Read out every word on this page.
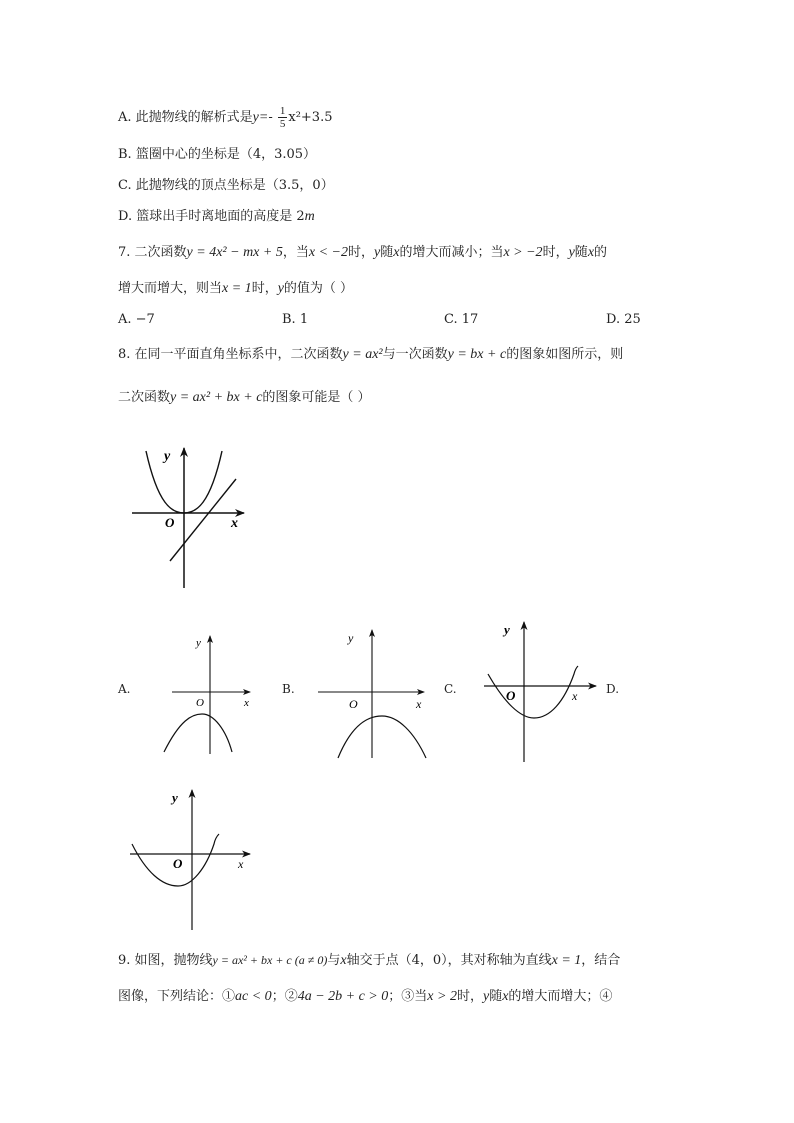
A. 此抛物线的解析式是$y=- \frac{1}{5} x^2+3.5$
B. 篮圈中心的坐标是（4，3.05）
C. 此抛物线的顶点坐标是（3.5，0）
D. 篮球出手时离地面的高度是 2m
7. 二次函数y = 4x² − mx + 5，当x < −2时，y随x的增大而减小；当x > −2时，y随x的
增大而增大，则当x = 1时，y的值为（ ）
A. −7	B. 1	C. 17	D. 25
8. 在同一平面直角坐标系中，二次函数y = ax²与一次函数y = bx + c的图象如图所示，则
二次函数y = ax² + bx + c的图象可能是（ ）
y
x
O
A.	B.	C.	D.
y
x
O
y
x
O
y
x
O
y
x
O
9. 如图，抛物线y = ax² + bx + c (a ≠ 0)与x轴交于点（4，0），其对称轴为直线x = 1，结合
图像，下列结论：①ac < 0；②4a − 2b + c > 0；③当x > 2时，y随x的增大而增大；④
